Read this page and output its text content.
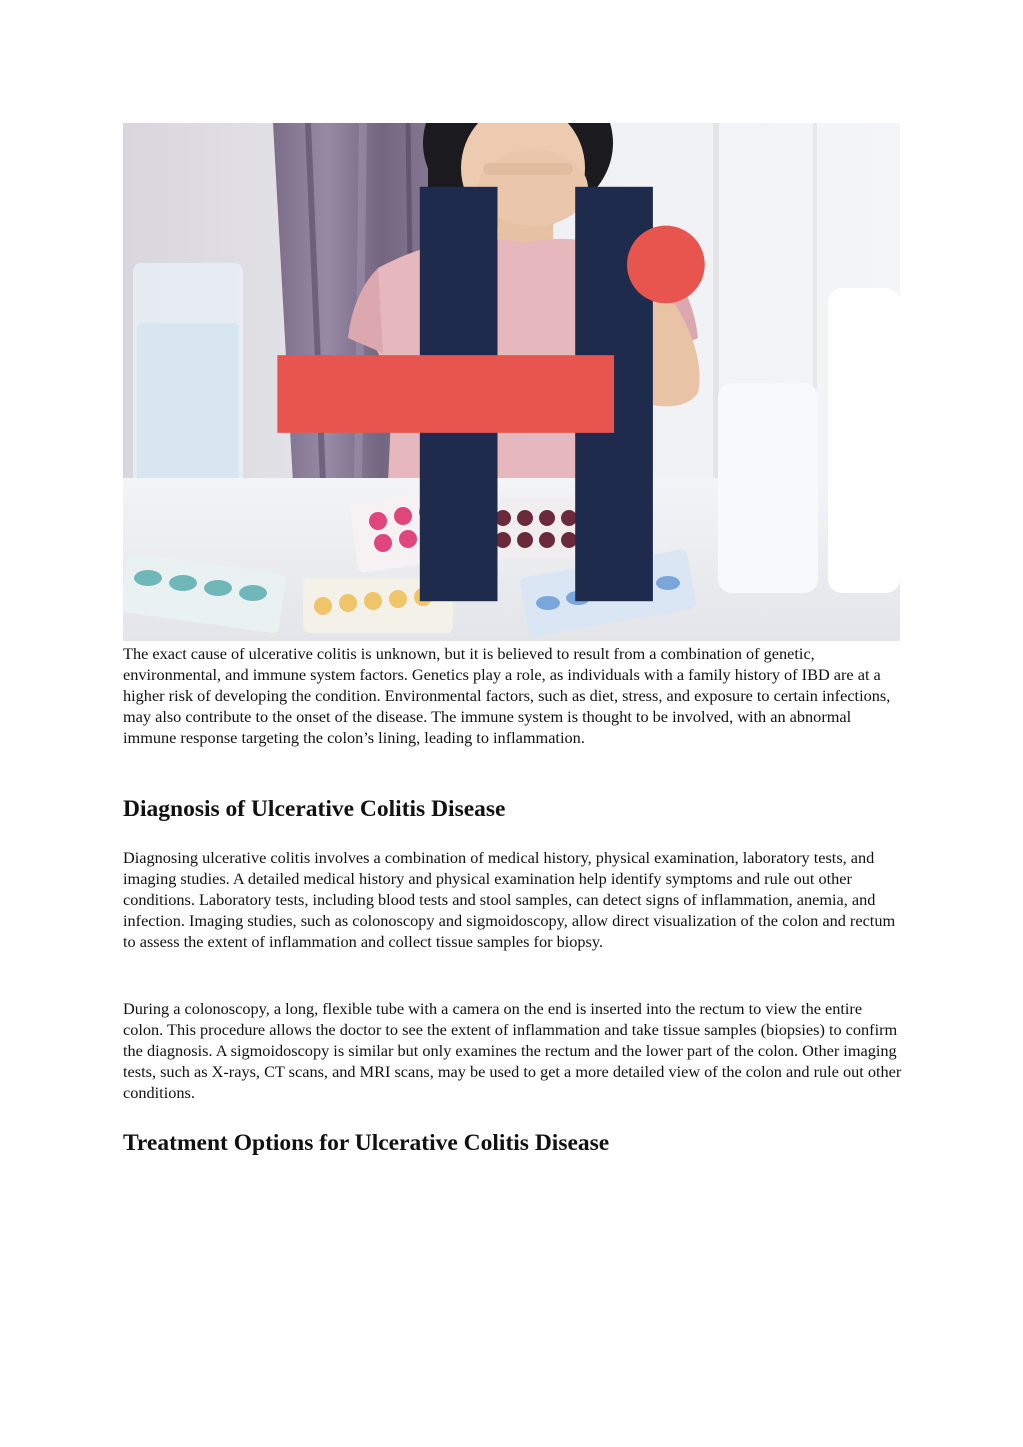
The exact cause of ulcerative colitis is unknown, but it is believed to result from a combination of genetic, environmental, and immune system factors. Genetics play a role, as individuals with a family history of IBD are at a higher risk of developing the condition. Environmental factors, such as diet, stress, and exposure to certain infections, may also contribute to the onset of the disease. The immune system is thought to be involved, with an abnormal immune response targeting the colon’s lining, leading to inflammation.

Diagnosis of Ulcerative Colitis Disease

Diagnosing ulcerative colitis involves a combination of medical history, physical examination, laboratory tests, and imaging studies. A detailed medical history and physical examination help identify symptoms and rule out other conditions. Laboratory tests, including blood tests and stool samples, can detect signs of inflammation, anemia, and infection. Imaging studies, such as colonoscopy and sigmoidoscopy, allow direct visualization of the colon and rectum to assess the extent of inflammation and collect tissue samples for biopsy.

During a colonoscopy, a long, flexible tube with a camera on the end is inserted into the rectum to view the entire colon. This procedure allows the doctor to see the extent of inflammation and take tissue samples (biopsies) to confirm the diagnosis. A sigmoidoscopy is similar but only examines the rectum and the lower part of the colon. Other imaging tests, such as X-rays, CT scans, and MRI scans, may be used to get a more detailed view of the colon and rule out other conditions.

Treatment Options for Ulcerative Colitis Disease
